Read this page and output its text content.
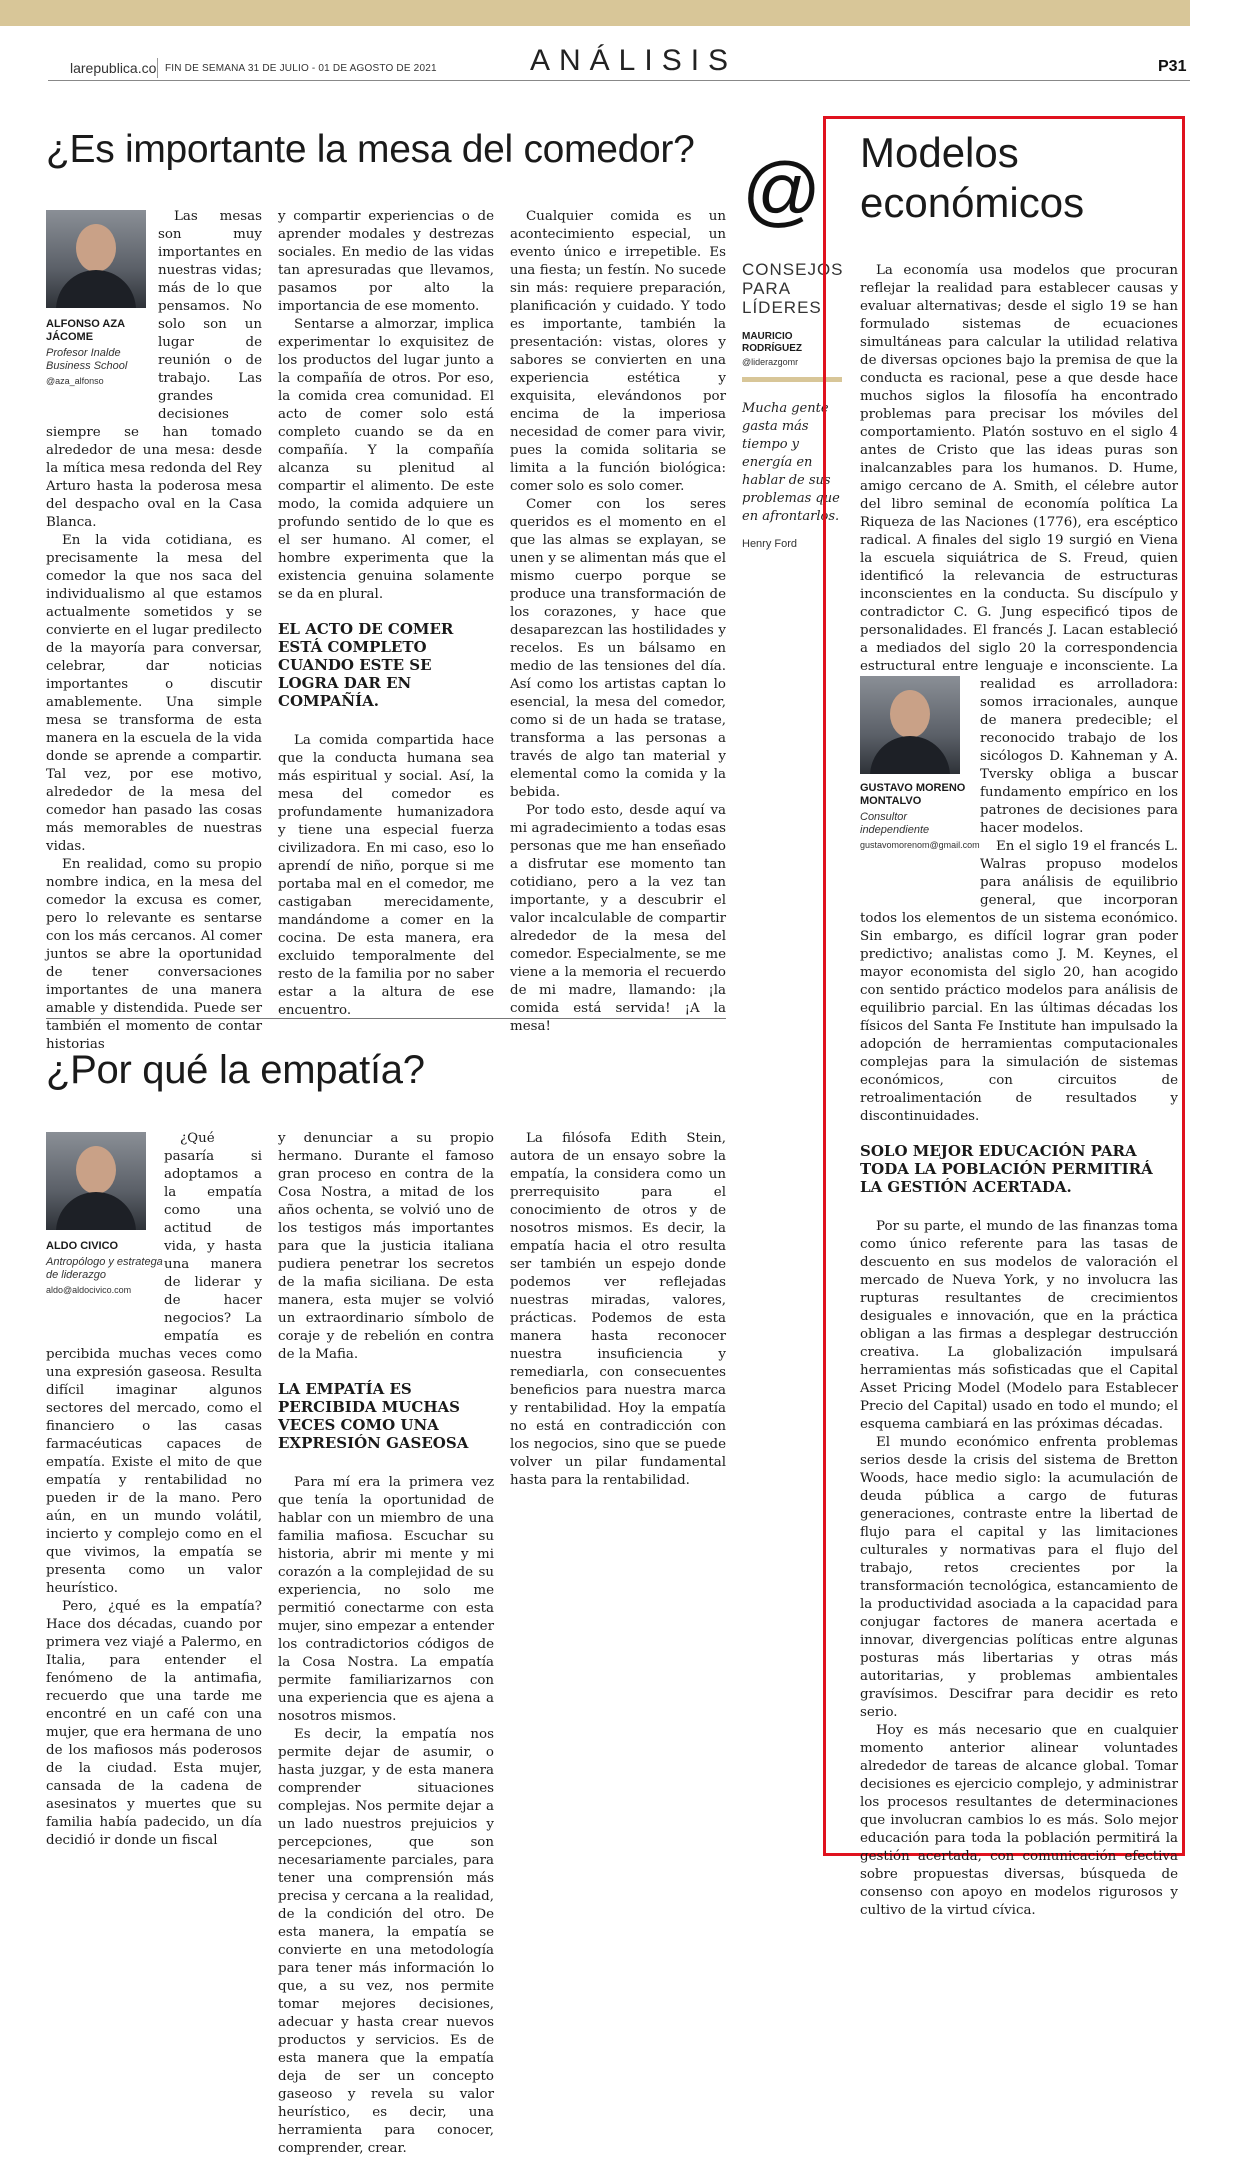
larepublica.co FIN DE SEMANA 31 DE JULIO - 01 DE AGOSTO DE 2021	ANÁLISIS	P31
¿Es importante la mesa del comedor?
ALFONSO AZA JÁCOME
Profesor Inalde Business School
@aza_alfonso

Las mesas son muy importantes en nuestras vidas; más de lo que pensamos. No solo son un lugar de reunión o de trabajo. Las grandes decisiones siempre se han tomado alrededor de una mesa: desde la mítica mesa redonda del Rey Arturo hasta la poderosa mesa del despacho oval en la Casa Blanca.

En la vida cotidiana, es precisamente la mesa del comedor la que nos saca del individualismo al que estamos actualmente sometidos y se convierte en el lugar predilecto de la mayoría para conversar, celebrar, dar noticias importantes o discutir amablemente. Una simple mesa se transforma de esta manera en la escuela de la vida donde se aprende a compartir. Tal vez, por ese motivo, alrededor de la mesa del comedor han pasado las cosas más memorables de nuestras vidas.

En realidad, como su propio nombre indica, en la mesa del comedor la excusa es comer, pero lo relevante es sentarse con los más cercanos. Al comer juntos se abre la oportunidad de tener conversaciones importantes de una manera amable y distendida. Puede ser también el momento de contar historias

y compartir experiencias o de aprender modales y destrezas sociales. En medio de las vidas tan apresuradas que llevamos, pasamos por alto la importancia de ese momento.

Sentarse a almorzar, implica experimentar lo exquisitez de los productos del lugar junto a la compañía de otros. Por eso, la comida crea comunidad. El acto de comer solo está completo cuando se da en compañía. Y la compañía alcanza su plenitud al compartir el alimento. De este modo, la comida adquiere un profundo sentido de lo que es el ser humano. Al comer, el hombre experimenta que la existencia genuina solamente se da en plural.

EL ACTO DE COMER ESTÁ COMPLETO CUANDO ESTE SE LOGRA DAR EN COMPAÑÍA.

La comida compartida hace que la conducta humana sea más espiritual y social. Así, la mesa del comedor es profundamente humanizadora y tiene una especial fuerza civilizadora. En mi caso, eso lo aprendí de niño, porque si me portaba mal en el comedor, me castigaban merecidamente, mandándome a comer en la cocina. De esta manera, era excluido temporalmente del resto de la familia por no saber estar a la altura de ese encuentro.

Cualquier comida es un acontecimiento especial, un evento único e irrepetible. Es una fiesta; un festín. No sucede sin más: requiere preparación, planificación y cuidado. Y todo es importante, también la presentación: vistas, olores y sabores se convierten en una experiencia estética y exquisita, elevándonos por encima de la imperiosa necesidad de comer para vivir, pues la comida solitaria se limita a la función biológica: comer solo es solo comer.

Comer con los seres queridos es el momento en el que las almas se explayan, se unen y se alimentan más que el mismo cuerpo porque se produce una transformación de los corazones, y hace que desaparezcan las hostilidades y recelos. Es un bálsamo en medio de las tensiones del día. Así como los artistas captan lo esencial, la mesa del comedor, como si de un hada se tratase, transforma a las personas a través de algo tan material y elemental como la comida y la bebida.

Por todo esto, desde aquí va mi agradecimiento a todas esas personas que me han enseñado a disfrutar ese momento tan cotidiano, pero a la vez tan importante, y a descubrir el valor incalculable de compartir alrededor de la mesa del comedor. Especialmente, se me viene a la memoria el recuerdo de mi madre, llamando: ¡la comida está servida! ¡A la mesa!

@
CONSEJOS PARA LÍDERES
MAURICIO RODRÍGUEZ
@liderazgomr
Mucha gente gasta más tiempo y energía en hablar de sus problemas que en afrontarlos.
Henry Ford
¿Por qué la empatía?
ALDO CIVICO
Antropólogo y estratega de liderazgo
aldo@aldocivico.com

¿Qué pasaría si adoptamos a la empatía como una actitud de vida, y hasta una manera de liderar y de hacer negocios? La empatía es percibida muchas veces como una expresión gaseosa. Resulta difícil imaginar algunos sectores del mercado, como el financiero o las casas farmacéuticas capaces de empatía. Existe el mito de que empatía y rentabilidad no pueden ir de la mano. Pero aún, en un mundo volátil, incierto y complejo como en el que vivimos, la empatía se presenta como un valor heurístico.

Pero, ¿qué es la empatía? Hace dos décadas, cuando por primera vez viajé a Palermo, en Italia, para entender el fenómeno de la antimafia, recuerdo que una tarde me encontré en un café con una mujer, que era hermana de uno de los mafiosos más poderosos de la ciudad. Esta mujer, cansada de la cadena de asesinatos y muertes que su familia había padecido, un día decidió ir donde un fiscal

y denunciar a su propio hermano. Durante el famoso gran proceso en contra de la Cosa Nostra, a mitad de los años ochenta, se volvió uno de los testigos más importantes para que la justicia italiana pudiera penetrar los secretos de la mafia siciliana. De esta manera, esta mujer se volvió un extraordinario símbolo de coraje y de rebelión en contra de la Mafia.

LA EMPATÍA ES PERCIBIDA MUCHAS VECES COMO UNA EXPRESIÓN GASEOSA

Para mí era la primera vez que tenía la oportunidad de hablar con un miembro de una familia mafiosa. Escuchar su historia, abrir mi mente y mi corazón a la complejidad de su experiencia, no solo me permitió conectarme con esta mujer, sino empezar a entender los contradictorios códigos de la Cosa Nostra. La empatía permite familiarizarnos con una experiencia que es ajena a nosotros mismos.

Es decir, la empatía nos permite dejar de asumir, o hasta juzgar, y de esta manera comprender situaciones complejas. Nos permite dejar a un lado nuestros prejuicios y percepciones, que son necesariamente parciales, para tener una comprensión más precisa y cercana a la realidad, de la condición del otro. De esta manera, la empatía se convierte en una metodología para tener más información lo que, a su vez, nos permite tomar mejores decisiones, adecuar y hasta crear nuevos productos y servicios. Es de esta manera que la empatía deja de ser un concepto gaseoso y revela su valor heurístico, es decir, una herramienta para conocer, comprender, crear.

La filósofa Edith Stein, autora de un ensayo sobre la empatía, la considera como un prerrequisito para el conocimiento de otros y de nosotros mismos. Es decir, la empatía hacia el otro resulta ser también un espejo donde podemos ver reflejadas nuestras miradas, valores, prácticas. Podemos de esta manera hasta reconocer nuestra insuficiencia y remediarla, con consecuentes beneficios para nuestra marca y rentabilidad. Hoy la empatía no está en contradicción con los negocios, sino que se puede volver un pilar fundamental hasta para la rentabilidad.

Modelos económicos
GUSTAVO MORENO MONTALVO
Consultor independiente
gustavomorenom@gmail.com

La economía usa modelos que procuran reflejar la realidad para establecer causas y evaluar alternativas; desde el siglo 19 se han formulado sistemas de ecuaciones simultáneas para calcular la utilidad relativa de diversas opciones bajo la premisa de que la conducta es racional, pese a que desde hace muchos siglos la filosofía ha encontrado problemas para precisar los móviles del comportamiento. Platón sostuvo en el siglo 4 antes de Cristo que las ideas puras son inalcanzables para los humanos. D. Hume, amigo cercano de A. Smith, el célebre autor del libro seminal de economía política La Riqueza de las Naciones (1776), era escéptico radical. A finales del siglo 19 surgió en Viena la escuela siquiátrica de S. Freud, quien identificó la relevancia de estructuras inconscientes en la conducta. Su discípulo y contradictor C. G. Jung especificó tipos de personalidades. El francés J. Lacan estableció a mediados del siglo 20 la correspondencia estructural entre lenguaje e inconsciente. La realidad es arrolladora: somos irracionales, aunque de manera predecible; el reconocido trabajo de los sicólogos D. Kahneman y A. Tversky obliga a buscar fundamento empírico en los patrones de decisiones para hacer modelos.

En el siglo 19 el francés L. Walras propuso modelos para análisis de equilibrio general, que incorporan todos los elementos de un sistema económico. Sin embargo, es difícil lograr gran poder predictivo; analistas como J. M. Keynes, el mayor economista del siglo 20, han acogido con sentido práctico modelos para análisis de equilibrio parcial. En las últimas décadas los físicos del Santa Fe Institute han impulsado la adopción de herramientas computacionales complejas para la simulación de sistemas económicos, con circuitos de retroalimentación de resultados y discontinuidades.

SOLO MEJOR EDUCACIÓN PARA TODA LA POBLACIÓN PERMITIRÁ LA GESTIÓN ACERTADA.

Por su parte, el mundo de las finanzas toma como único referente para las tasas de descuento en sus modelos de valoración el mercado de Nueva York, y no involucra las rupturas resultantes de crecimientos desiguales e innovación, que en la práctica obligan a las firmas a desplegar destrucción creativa. La globalización impulsará herramientas más sofisticadas que el Capital Asset Pricing Model (Modelo para Establecer Precio del Capital) usado en todo el mundo; el esquema cambiará en las próximas décadas.

El mundo económico enfrenta problemas serios desde la crisis del sistema de Bretton Woods, hace medio siglo: la acumulación de deuda pública a cargo de futuras generaciones, contraste entre la libertad de flujo para el capital y las limitaciones culturales y normativas para el flujo del trabajo, retos crecientes por la transformación tecnológica, estancamiento de la productividad asociada a la capacidad para conjugar factores de manera acertada e innovar, divergencias políticas entre algunas posturas más libertarias y otras más autoritarias, y problemas ambientales gravísimos. Descifrar para decidir es reto serio.

Hoy es más necesario que en cualquier momento anterior alinear voluntades alrededor de tareas de alcance global. Tomar decisiones es ejercicio complejo, y administrar los procesos resultantes de determinaciones que involucran cambios lo es más. Solo mejor educación para toda la población permitirá la gestión acertada, con comunicación efectiva sobre propuestas diversas, búsqueda de consenso con apoyo en modelos rigurosos y cultivo de la virtud cívica.
